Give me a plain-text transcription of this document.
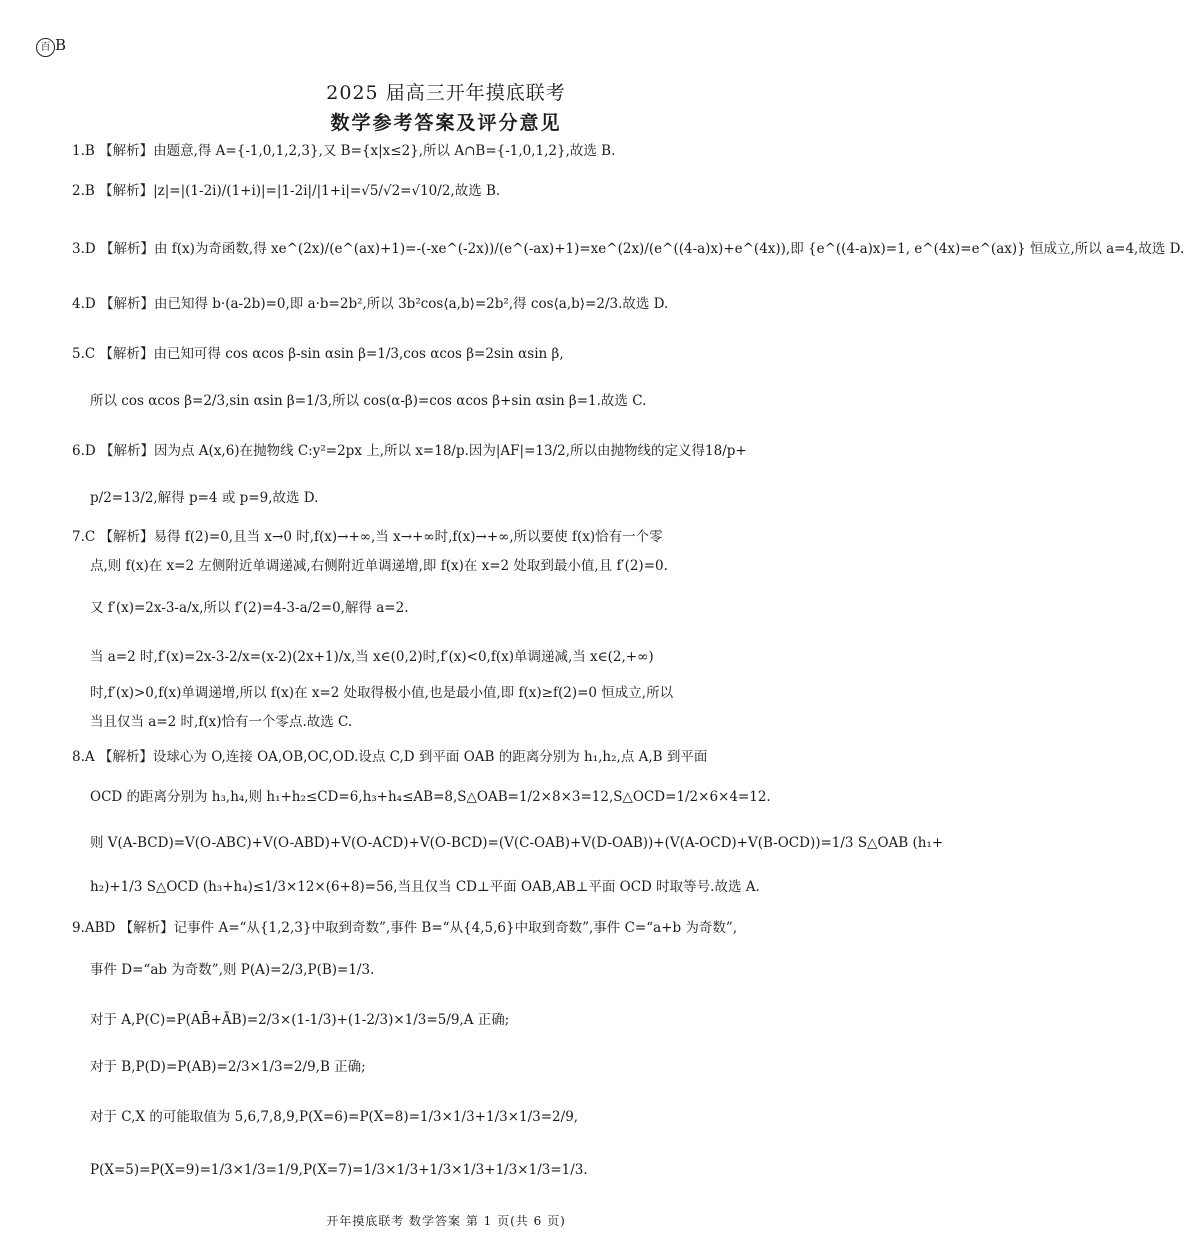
百 B
2025 届高三开年摸底联考
数学参考答案及评分意见
1.B 【解析】由题意,得 A={-1,0,1,2,3},又 B={x|x≤2},所以 A∩B={-1,0,1,2},故选 B.
2.B 【解析】|z|=|(1-2i)/(1+i)|=|1-2i|/|1+i|=√5/√2=√10/2,故选 B.
3.D 【解析】由 f(x)为奇函数,得 xe^(2x)/(e^(ax)+1)=-(-xe^(-2x))/(e^(-ax)+1)=xe^(2x)/(e^((4-a)x)+e^(4x)),即 {e^((4-a)x)=1, e^(4x)=e^(ax)} 恒成立,所以 a=4,故选 D.
4.D 【解析】由已知得 b·(a-2b)=0,即 a·b=2b²,所以 3b²cos⟨a,b⟩=2b²,得 cos⟨a,b⟩=2/3.故选 D.
5.C 【解析】由已知可得 cos αcos β-sin αsin β=1/3,cos αcos β=2sin αsin β,
所以 cos αcos β=2/3,sin αsin β=1/3,所以 cos(α-β)=cos αcos β+sin αsin β=1.故选 C.
6.D 【解析】因为点 A(x,6)在抛物线 C:y²=2px 上,所以 x=18/p.因为|AF|=13/2,所以由抛物线的定义得18/p+
p/2=13/2,解得 p=4 或 p=9,故选 D.
7.C 【解析】易得 f(2)=0,且当 x→0 时,f(x)→+∞,当 x→+∞时,f(x)→+∞,所以要使 f(x)恰有一个零
点,则 f(x)在 x=2 左侧附近单调递减,右侧附近单调递增,即 f(x)在 x=2 处取到最小值,且 f′(2)=0.
又 f′(x)=2x-3-a/x,所以 f′(2)=4-3-a/2=0,解得 a=2.
当 a=2 时,f′(x)=2x-3-2/x=(x-2)(2x+1)/x,当 x∈(0,2)时,f′(x)<0,f(x)单调递减,当 x∈(2,+∞)
时,f′(x)>0,f(x)单调递增,所以 f(x)在 x=2 处取得极小值,也是最小值,即 f(x)≥f(2)=0 恒成立,所以
当且仅当 a=2 时,f(x)恰有一个零点.故选 C.
8.A 【解析】设球心为 O,连接 OA,OB,OC,OD.设点 C,D 到平面 OAB 的距离分别为 h₁,h₂,点 A,B 到平面
OCD 的距离分别为 h₃,h₄,则 h₁+h₂≤CD=6,h₃+h₄≤AB=8,S△OAB=1/2×8×3=12,S△OCD=1/2×6×4=12.
则 V(A-BCD)=V(O-ABC)+V(O-ABD)+V(O-ACD)+V(O-BCD)=(V(C-OAB)+V(D-OAB))+(V(A-OCD)+V(B-OCD))=1/3 S△OAB (h₁+
h₂)+1/3 S△OCD (h₃+h₄)≤1/3×12×(6+8)=56,当且仅当 CD⊥平面 OAB,AB⊥平面 OCD 时取等号.故选 A.
9.ABD 【解析】记事件 A=“从{1,2,3}中取到奇数”,事件 B=“从{4,5,6}中取到奇数”,事件 C=“a+b 为奇数”,
事件 D=“ab 为奇数”,则 P(A)=2/3,P(B)=1/3.
对于 A,P(C)=P(AB̄+ĀB)=2/3×(1-1/3)+(1-2/3)×1/3=5/9,A 正确;
对于 B,P(D)=P(AB)=2/3×1/3=2/9,B 正确;
对于 C,X 的可能取值为 5,6,7,8,9,P(X=6)=P(X=8)=1/3×1/3+1/3×1/3=2/9,
P(X=5)=P(X=9)=1/3×1/3=1/9,P(X=7)=1/3×1/3+1/3×1/3+1/3×1/3=1/3.
开年摸底联考 数学答案 第 1 页(共 6 页)
